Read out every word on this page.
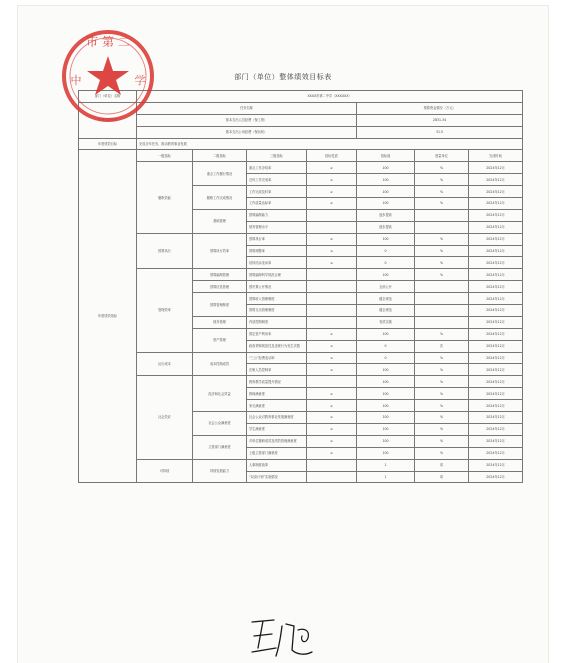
部门（单位）整体绩效目标表
部门（单位）名称	XXXX市第二中学（XXXXXX）						
年度主要任务	任务名称				预算资金情况（万元）		
	基本支出人员经费（保工资）				2831.34		
	基本支出公用经费（保运转）				31.5		
年度绩效目标	完成全年任务，推动教育事业发展						
年度绩效指标	一级指标	二级指标	三级指标	指标性质	指标值	度量单位	完成时间
	履职效能	重点工作履行情况	重点工作办结率	≥	100	%	2024年12月
			总体工作完成率	≥	100	%	2024年12月
		履职工作完成情况	工作完成及时率	≥	100	%	2024年12月
			工作质量达标率	≥	100	%	2024年12月
		基础管理	预算编制能力		逐步提高		2024年12月
			财务管理水平		逐步提高		2024年12月
	预算执行	预算执行效率	预算执行率	≥	100	%	2024年12月
			预算调整率	≤	0	%	2024年12月
			结转结余变动率	≤	0	%	2024年12月
	管理效率	预算编制管理	预算编制科学规范合理		100	%	2024年12月
		预算信息管理	预决算公开情况		全部公开		2024年12月
		预算管理制度	预算收入管理制度		健全规范		2024年12月
			预算支出管理制度		健全规范		2024年12月
		财务管理	内部控制制度		有效实施		2024年12月
		资产管理	固定资产利用率	≥	100	%	2024年12月
			政府采购规范性及违规行为发生次数	≤	0	次	2024年12月
	运行成本	成本控制成效	“三公”经费变动率	≤	0	%	2024年12月
			在职人员控制率	≤	100	%	2024年12月
	社会效应	经济和社会效益	教育教学质量提升情况		100	%	2024年12月
			教师满意度	≥	100	%	2024年12月
			家长满意度	≥	100	%	2024年12月
		社会公众满意度	社会公众对教育事业发展满意度	≥	100	%	2024年12月
			学生满意度	≥	100	%	2024年12月
		主管部门满意度	对单位履职成效及绩效管理满意度	≥	100	%	2024年12月
			上级主管部门满意度	≥	100	%	2024年12月
	可持续	持续发展能力	人事制度改革		1	项	2024年12月
			“双高计划”实施情况		1	项	2024年12月
市 第 二
中	学
